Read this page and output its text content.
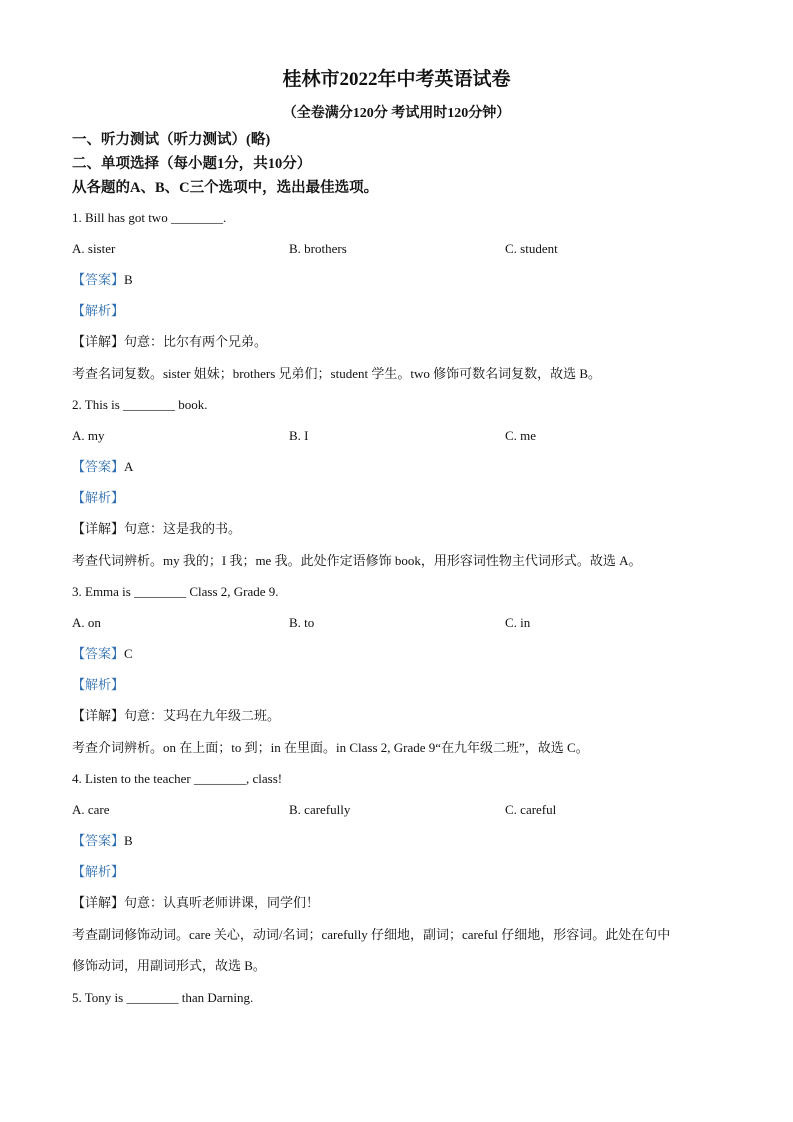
桂林市2022年中考英语试卷
（全卷满分120分 考试用时120分钟）
一、听力测试（听力测试）(略)
二、单项选择（每小题1分，共10分）
从各题的A、B、C三个选项中，选出最佳选项。
1. Bill has got two ________.
A. sister	B. brothers	C. student
【答案】B
【解析】
【详解】句意：比尔有两个兄弟。
考查名词复数。sister 姐妹；brothers 兄弟们；student 学生。two 修饰可数名词复数，故选 B。
2. This is ________ book.
A. my	B. I	C. me
【答案】A
【解析】
【详解】句意：这是我的书。
考查代词辨析。my 我的；I 我；me 我。此处作定语修饰 book，用形容词性物主代词形式。故选 A。
3. Emma is ________ Class 2, Grade 9.
A. on	B. to	C. in
【答案】C
【解析】
【详解】句意：艾玛在九年级二班。
考查介词辨析。on 在上面；to 到；in 在里面。in Class 2, Grade 9“在九年级二班”，故选 C。
4. Listen to the teacher ________, class!
A. care	B. carefully	C. careful
【答案】B
【解析】
【详解】句意：认真听老师讲课，同学们！
考查副词修饰动词。care 关心，动词/名词；carefully 仔细地，副词；careful 仔细地，形容词。此处在句中
修饰动词，用副词形式，故选 B。
5. Tony is ________ than Darning.
